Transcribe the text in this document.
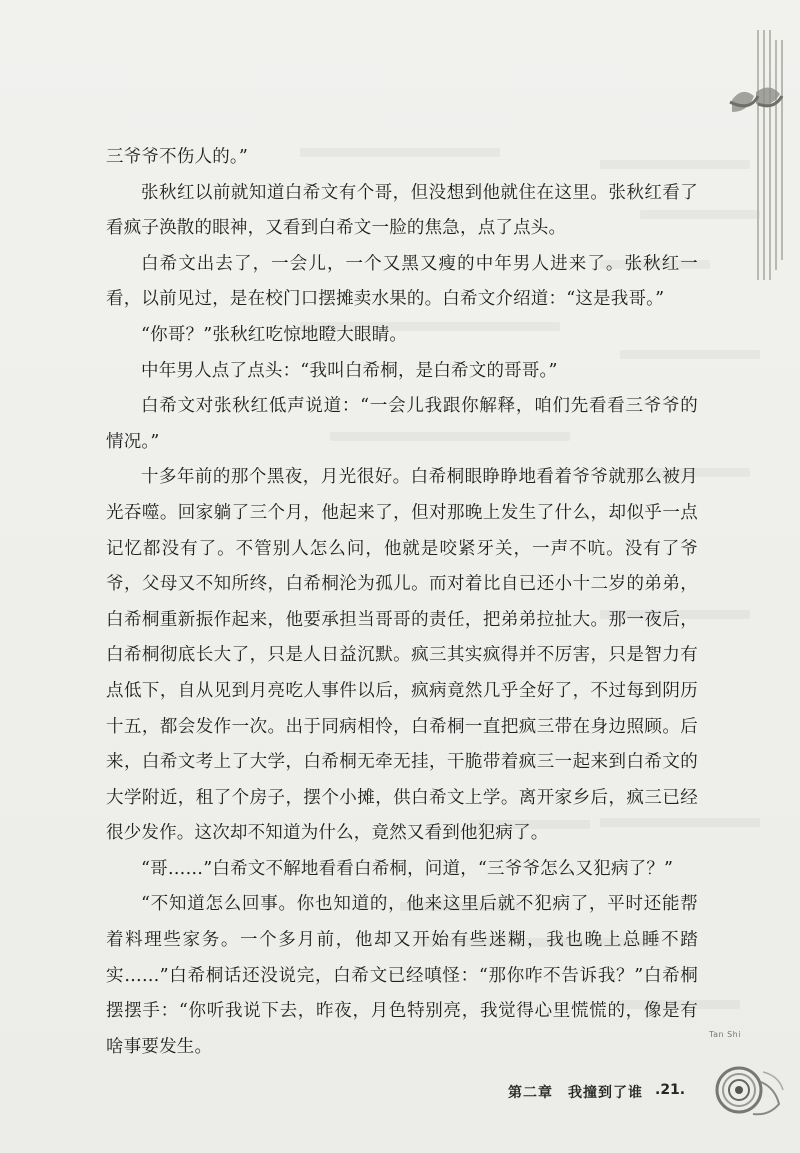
三爷爷不伤人的。”

张秋红以前就知道白希文有个哥，但没想到他就住在这里。张秋红看了看疯子涣散的眼神，又看到白希文一脸的焦急，点了点头。

白希文出去了，一会儿，一个又黑又瘦的中年男人进来了。张秋红一看，以前见过，是在校门口摆摊卖水果的。白希文介绍道：“这是我哥。”

“你哥？”张秋红吃惊地瞪大眼睛。

中年男人点了点头：“我叫白希桐，是白希文的哥哥。”

白希文对张秋红低声说道：“一会儿我跟你解释，咱们先看看三爷爷的情况。”

十多年前的那个黑夜，月光很好。白希桐眼睁睁地看着爷爷就那么被月光吞噬。回家躺了三个月，他起来了，但对那晚上发生了什么，却似乎一点记忆都没有了。不管别人怎么问，他就是咬紧牙关，一声不吭。没有了爷爷，父母又不知所终，白希桐沦为孤儿。而对着比自已还小十二岁的弟弟，白希桐重新振作起来，他要承担当哥哥的责任，把弟弟拉扯大。那一夜后，白希桐彻底长大了，只是人日益沉默。疯三其实疯得并不厉害，只是智力有点低下，自从见到月亮吃人事件以后，疯病竟然几乎全好了，不过每到阴历十五，都会发作一次。出于同病相怜，白希桐一直把疯三带在身边照顾。后来，白希文考上了大学，白希桐无牵无挂，干脆带着疯三一起来到白希文的大学附近，租了个房子，摆个小摊，供白希文上学。离开家乡后，疯三已经很少发作。这次却不知道为什么，竟然又看到他犯病了。

“哥……”白希文不解地看看白希桐，问道，“三爷爷怎么又犯病了？”

“不知道怎么回事。你也知道的，他来这里后就不犯病了，平时还能帮着料理些家务。一个多月前，他却又开始有些迷糊，我也晚上总睡不踏实……”白希桐话还没说完，白希文已经嗔怪：“那你咋不告诉我？”白希桐摆摆手：“你听我说下去，昨夜，月色特别亮，我觉得心里慌慌的，像是有啥事要发生。

Tan Shi
第二章　我撞到了谁 .21.
